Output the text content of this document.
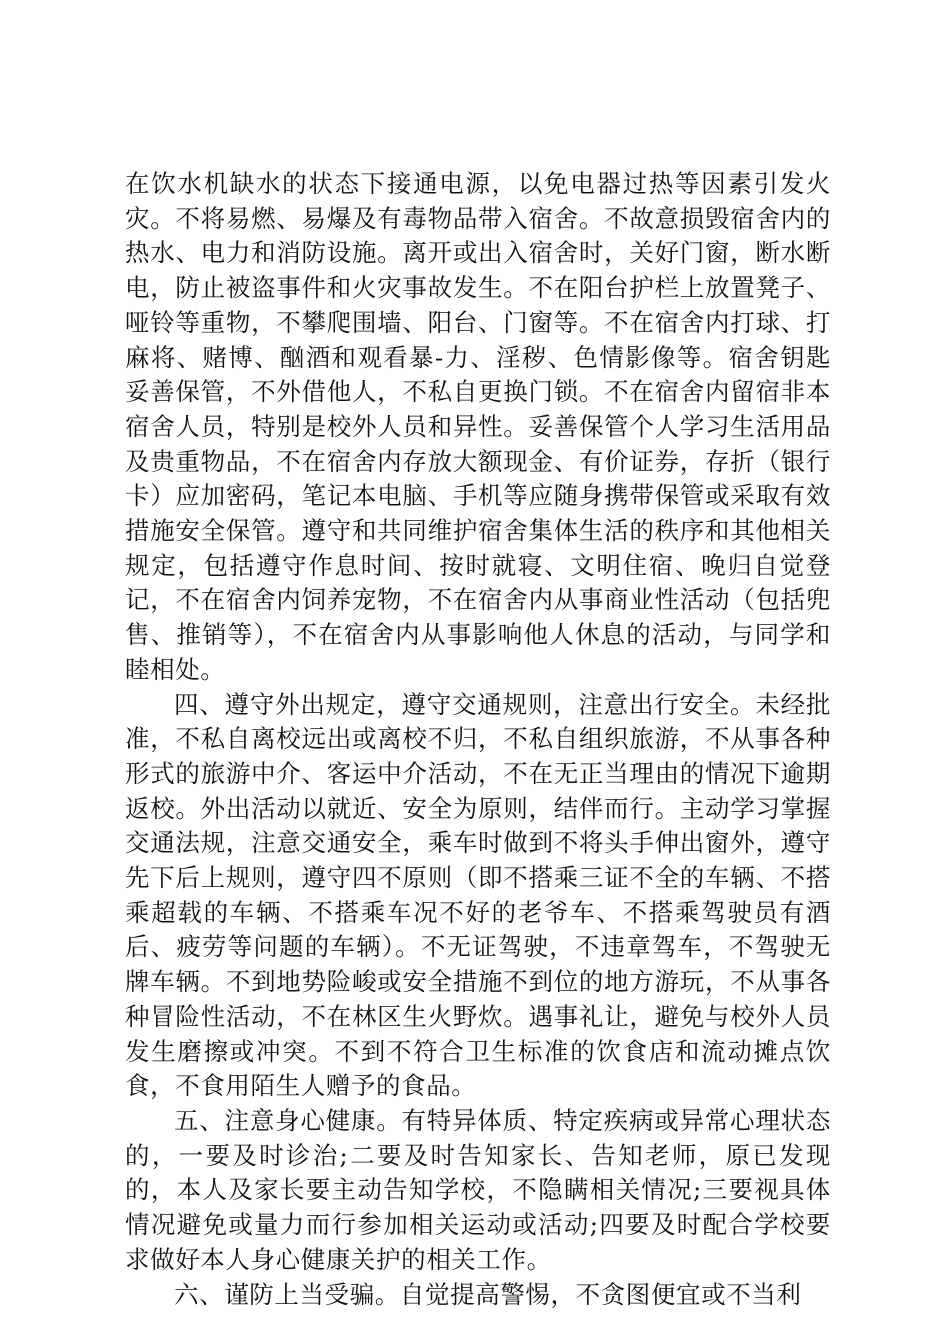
在饮水机缺水的状态下接通电源，以免电器过热等因素引发火灾。不将易燃、易爆及有毒物品带入宿舍。不故意损毁宿舍内的热水、电力和消防设施。离开或出入宿舍时，关好门窗，断水断电，防止被盗事件和火灾事故发生。不在阳台护栏上放置凳子、哑铃等重物，不攀爬围墙、阳台、门窗等。不在宿舍内打球、打麻将、赌博、酗酒和观看暴-力、淫秽、色情影像等。宿舍钥匙妥善保管，不外借他人，不私自更换门锁。不在宿舍内留宿非本宿舍人员，特别是校外人员和异性。妥善保管个人学习生活用品及贵重物品，不在宿舍内存放大额现金、有价证券，存折（银行卡）应加密码，笔记本电脑、手机等应随身携带保管或采取有效措施安全保管。遵守和共同维护宿舍集体生活的秩序和其他相关规定，包括遵守作息时间、按时就寝、文明住宿、晚归自觉登记，不在宿舍内饲养宠物，不在宿舍内从事商业性活动（包括兜售、推销等），不在宿舍内从事影响他人休息的活动，与同学和睦相处。

四、遵守外出规定，遵守交通规则，注意出行安全。未经批准，不私自离校远出或离校不归，不私自组织旅游，不从事各种形式的旅游中介、客运中介活动，不在无正当理由的情况下逾期返校。外出活动以就近、安全为原则，结伴而行。主动学习掌握交通法规，注意交通安全，乘车时做到不将头手伸出窗外，遵守先下后上规则，遵守四不原则（即不搭乘三证不全的车辆、不搭乘超载的车辆、不搭乘车况不好的老爷车、不搭乘驾驶员有酒后、疲劳等问题的车辆）。不无证驾驶，不违章驾车，不驾驶无牌车辆。不到地势险峻或安全措施不到位的地方游玩，不从事各种冒险性活动，不在林区生火野炊。遇事礼让，避免与校外人员发生磨擦或冲突。不到不符合卫生标准的饮食店和流动摊点饮食，不食用陌生人赠予的食品。

五、注意身心健康。有特异体质、特定疾病或异常心理状态的，一要及时诊治;二要及时告知家长、告知老师，原已发现的，本人及家长要主动告知学校，不隐瞒相关情况;三要视具体情况避免或量力而行参加相关运动或活动;四要及时配合学校要求做好本人身心健康关护的相关工作。

六、谨防上当受骗。自觉提高警惕，不贪图便宜或不当利
